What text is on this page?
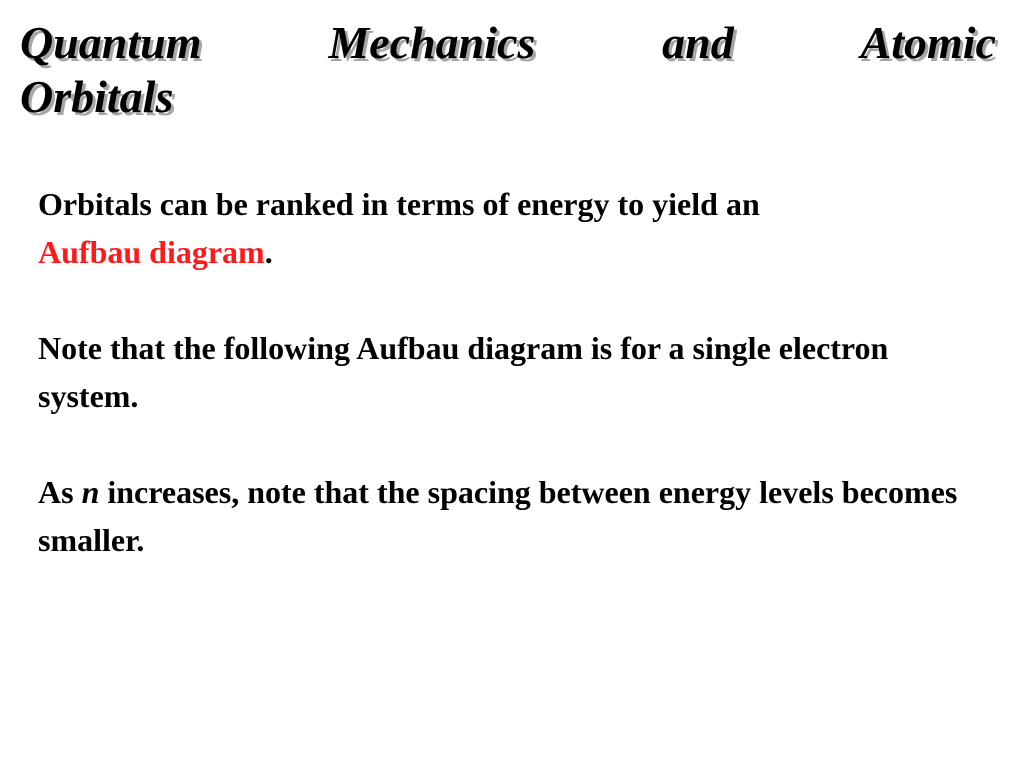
Quantum	Mechanics	and	Atomic
Orbitals

Orbitals can be ranked in terms of energy to yield an
Aufbau diagram.

Note that the following Aufbau diagram is for a single electron system.

As n increases, note that the spacing between energy levels becomes smaller.
